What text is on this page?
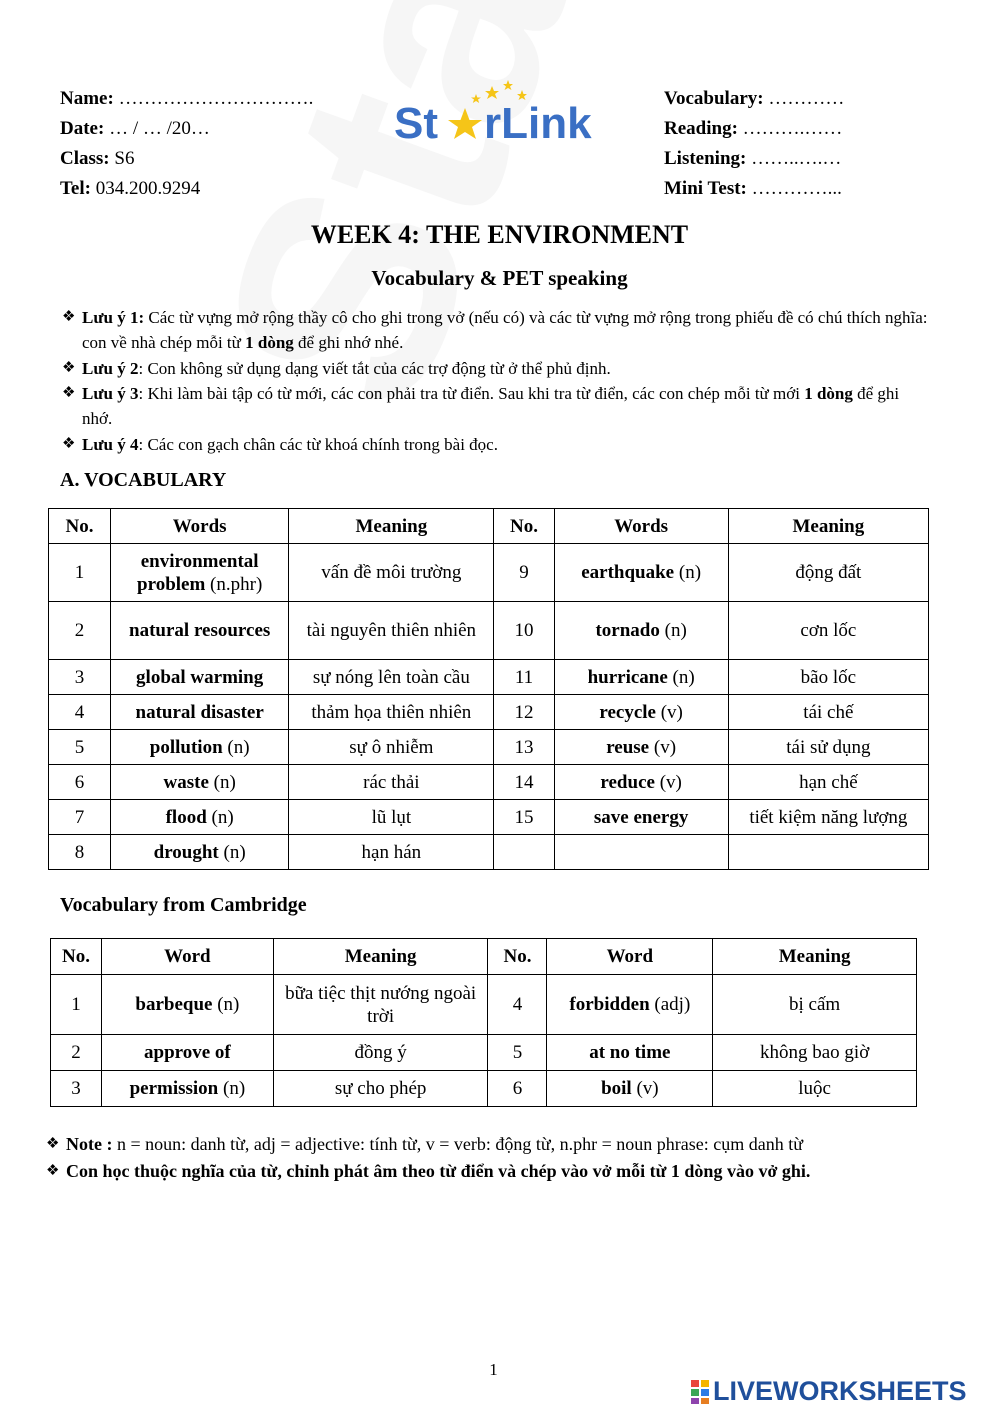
Name: ………………………….
Date: … / … /20…
Class: S6
Tel: 034.200.9294
St rLink
Vocabulary: …………
Reading: ……….……
Listening: ……..….…
Mini Test: …………...
WEEK 4: THE ENVIRONMENT
Vocabulary & PET speaking
❖ Lưu ý 1: Các từ vựng mở rộng thầy cô cho ghi trong vở (nếu có) và các từ vựng mở rộng trong phiếu đề có chú thích nghĩa: con về nhà chép mỗi từ 1 dòng để ghi nhớ nhé.
❖ Lưu ý 2: Con không sử dụng dạng viết tắt của các trợ động từ ở thể phủ định.
❖ Lưu ý 3: Khi làm bài tập có từ mới, các con phải tra từ điển. Sau khi tra từ điển, các con chép mỗi từ mới 1 dòng để ghi nhớ.
❖ Lưu ý 4: Các con gạch chân các từ khoá chính trong bài đọc.
A. VOCABULARY
No.	Words	Meaning	No.	Words	Meaning
1	environmental problem (n.phr)	vấn đề môi trường	9	earthquake (n)	động đất
2	natural resources	tài nguyên thiên nhiên	10	tornado (n)	cơn lốc
3	global warming	sự nóng lên toàn cầu	11	hurricane (n)	bão lốc
4	natural disaster	thảm họa thiên nhiên	12	recycle (v)	tái chế
5	pollution (n)	sự ô nhiễm	13	reuse (v)	tái sử dụng
6	waste (n)	rác thải	14	reduce (v)	hạn chế
7	flood (n)	lũ lụt	15	save energy	tiết kiệm năng lượng
8	drought (n)	hạn hán			
Vocabulary from Cambridge
No.	Word	Meaning	No.	Word	Meaning
1	barbeque (n)	bữa tiệc thịt nướng ngoài trời	4	forbidden (adj)	bị cấm
2	approve of	đồng ý	5	at no time	không bao giờ
3	permission (n)	sự cho phép	6	boil (v)	luộc
❖ Note : n = noun: danh từ, adj = adjective: tính từ, v = verb: động từ, n.phr = noun phrase: cụm danh từ
❖ Con học thuộc nghĩa của từ, chỉnh phát âm theo từ điển và chép vào vở mỗi từ 1 dòng vào vở ghi.
1
LIVEWORKSHEETS
